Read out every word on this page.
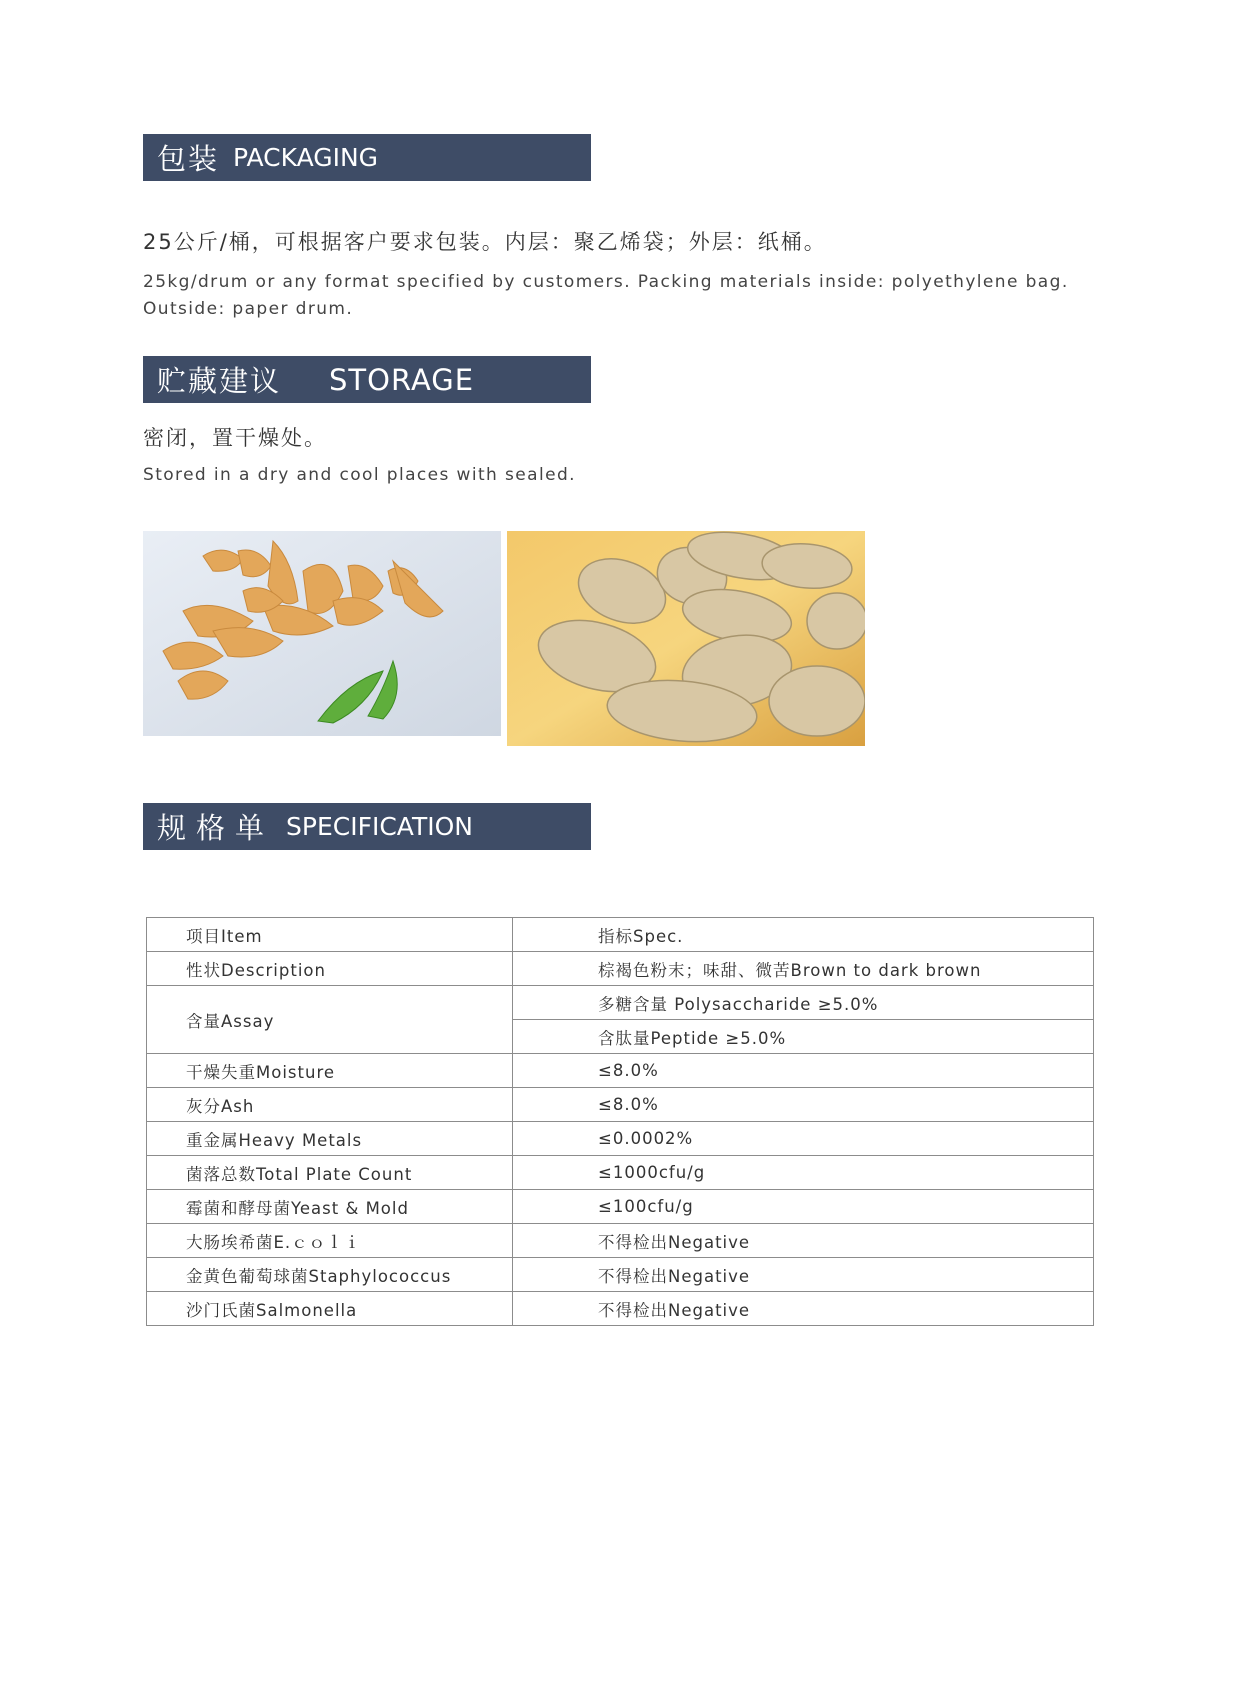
包装 PACKAGING
25公斤/桶，可根据客户要求包装。内层：聚乙烯袋；外层：纸桶。
25kg/drum or any format specified by customers. Packing materials inside: polyethylene bag. Outside: paper drum.
贮藏建议 STORAGE
密闭，置干燥处。
Stored in a dry and cool places with sealed.
规格单 SPECIFICATION
项目Item	指标Spec.
性状Description	棕褐色粉末；味甜、微苦Brown to dark brown
含量Assay	多糖含量 Polysaccharide ≥5.0%
	含肽量Peptide ≥5.0%
干燥失重Moisture	≤8.0%
灰分Ash	≤8.0%
重金属Heavy Metals	≤0.0002%
菌落总数Total Plate Count	≤1000cfu/g
霉菌和酵母菌Yeast & Mold	≤100cfu/g
大肠埃希菌E.ｃｏｌｉ	不得检出Negative
金黄色葡萄球菌Staphylococcus	不得检出Negative
沙门氏菌Salmonella	不得检出Negative
